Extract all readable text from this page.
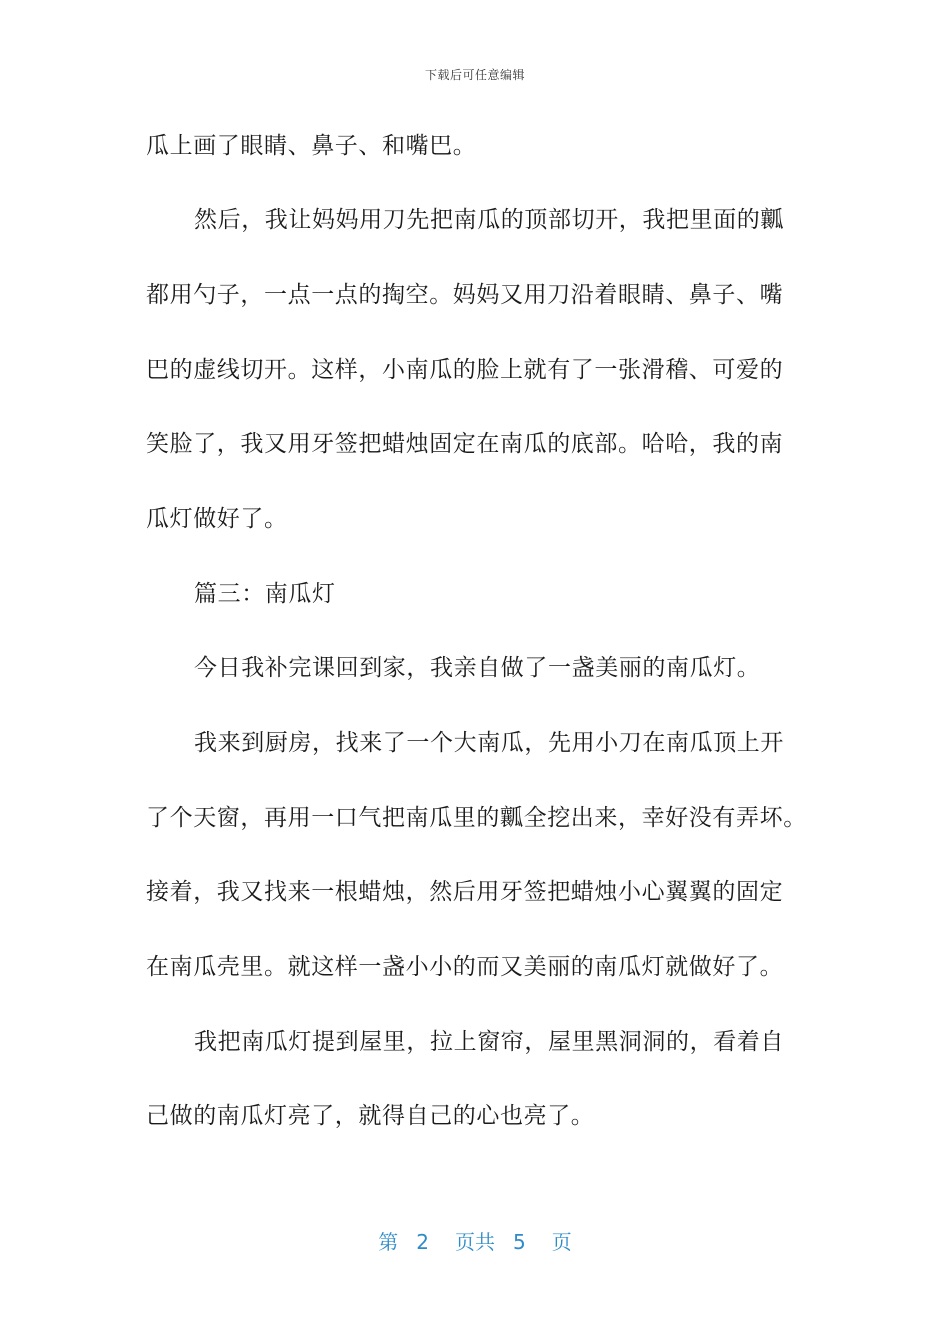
下载后可任意编辑
瓜上画了眼睛、鼻子、和嘴巴。
然后，我让妈妈用刀先把南瓜的顶部切开，我把里面的瓤
都用勺子，一点一点的掏空。妈妈又用刀沿着眼睛、鼻子、嘴
巴的虚线切开。这样，小南瓜的脸上就有了一张滑稽、可爱的
笑脸了，我又用牙签把蜡烛固定在南瓜的底部。哈哈，我的南
瓜灯做好了。
篇三：南瓜灯
今日我补完课回到家，我亲自做了一盏美丽的南瓜灯。
我来到厨房，找来了一个大南瓜，先用小刀在南瓜顶上开
了个天窗，再用一口气把南瓜里的瓤全挖出来，幸好没有弄坏。
接着，我又找来一根蜡烛，然后用牙签把蜡烛小心翼翼的固定
在南瓜壳里。就这样一盏小小的而又美丽的南瓜灯就做好了。
我把南瓜灯提到屋里，拉上窗帘，屋里黑洞洞的，看着自
己做的南瓜灯亮了，就得自己的心也亮了。
第 2 页共 5 页
